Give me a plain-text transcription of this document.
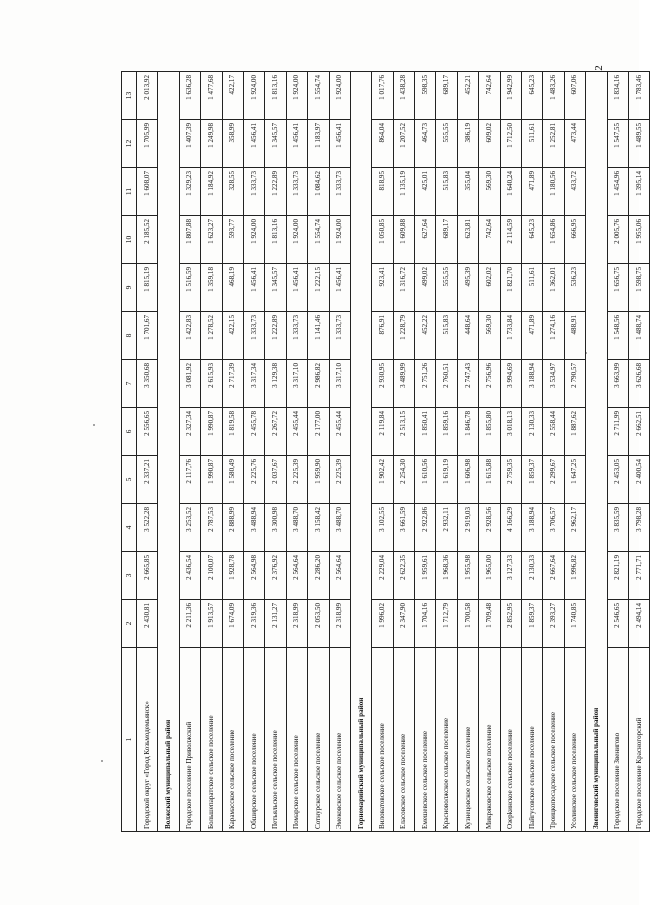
2
1	2	3	4	5	6	7	8	9	10	11	12	13
Городской округ «Город Козьмодемьянск»	2 430,81	2 665,85	3 522,28	2 337,21	2 556,65	3 350,68	1 701,67	1 815,19	2 185,52	1 608,07	1 705,99	2 013,92
Волжский муниципальный район												
Городское поселение Приволжский	2 211,36	2 436,54	3 253,52	2 117,76	2 327,34	3 081,92	1 422,83	1 516,59	1 807,88	1 329,23	1 407,39	1 636,28
Большепаратское сельское поселение	1 913,57	2 100,07	2 787,53	1 990,87	1 990,87	2 615,93	1 278,52	1 359,18	1 623,27	1 184,92	1 249,98	1 477,68
Карамасское сельское поселение	1 674,09	1 928,78	2 888,99	1 580,49	1 819,58	2 717,39	422,15	468,19	593,77	328,55	358,99	422,17
Обширское сельское поселение	2 319,36	2 564,98	3 488,94	2 225,76	2 455,78	3 317,34	1 333,73	1 456,41	1 924,00	1 333,73	1 456,41	1 924,00
Петьяльское сельское поселение	2 131,27	2 376,92	3 300,98	2 037,67	2 267,72	3 129,38	1 222,89	1 345,57	1 813,16	1 222,89	1 345,57	1 813,16
Помарское сельское поселение	2 318,99	2 564,64	3 488,70	2 225,39	2 455,44	3 317,10	1 333,73	1 456,41	1 924,00	1 333,73	1 456,41	1 924,00
Сотнурское сельское поселение	2 053,50	2 286,20	3 158,42	1 959,90	2 177,00	2 986,82	1 141,46	1 222,15	1 554,74	1 084,62	1 183,97	1 554,74
Эмековское сельское поселение	2 318,99	2 564,64	3 488,70	2 225,39	2 455,44	3 317,10	1 333,73	1 456,41	1 924,00	1 333,73	1 456,41	1 924,00
Горномарийский муниципальный район												
Виловатовское сельское поселение	1 996,02	2 229,04	3 102,55	1 902,42	2 119,84	2 930,95	876,91	923,41	1 050,85	818,95	864,04	1 017,76
Еласовское сельское поселение	2 347,90	2 622,35	3 661,59	2 254,30	2 513,15	3 489,99	1 228,79	1 316,72	1 609,88	1 135,19	1 207,52	1 438,28
Емешевское сельское поселение	1 704,16	1 959,61	2 922,86	1 610,56	1 850,41	2 751,26	452,22	499,02	627,64	425,01	464,73	598,35
Красноволжское сельское поселение	1 712,79	1 968,36	2 932,11	1 619,19	1 859,16	2 760,51	515,83	555,55	689,17	515,83	555,55	689,17
Кузнецовское сельское поселение	1 700,58	1 955,98	2 919,03	1 606,98	1 846,78	2 747,43	448,64	495,39	623,81	355,04	386,19	452,21
Микряковское сельское поселение	1 709,48	1 965,00	2 928,56	1 615,88	1 855,80	2 756,96	569,30	602,02	742,64	569,30	609,02	742,64
Озерkинское сельское поселение	2 852,95	3 127,33	4 166,29	2 759,35	3 018,13	3 994,69	1 733,84	1 821,70	2 114,59	1 640,24	1 712,50	1 942,99
Пайгусовское сельское поселение	1 859,37	2 130,33	3 188,94	1 859,37	2 130,33	3 188,94	471,89	511,61	645,23	471,89	511,61	645,23
Троицкопосадское сельское поселение	2 393,27	2 667,64	3 706,57	2 299,67	2 558,44	3 534,97	1 274,16	1 362,01	1 654,86	1 180,56	1 252,81	1 483,26
Усолинское сельское поселение	1 740,85	1 996,82	2 962,17	1 647,25	1 887,62	2 790,57	488,91	536,23	666,95	433,72	473,44	607,06
Звениговский муниципальный район												
Городское поселение Звенигово	2 546,65	2 821,19	3 835,59	2 453,05	2 711,99	3 663,99	1 548,56	1 656,75	2 005,76	1 454,96	1 547,55	1 834,16
Городское поселение Красногорский	2 494,14	2 771,71	3 798,28	2 400,54	2 662,51	3 626,68	1 488,74	1 598,75	1 955,06	1 395,14	1 489,55	1 783,46
